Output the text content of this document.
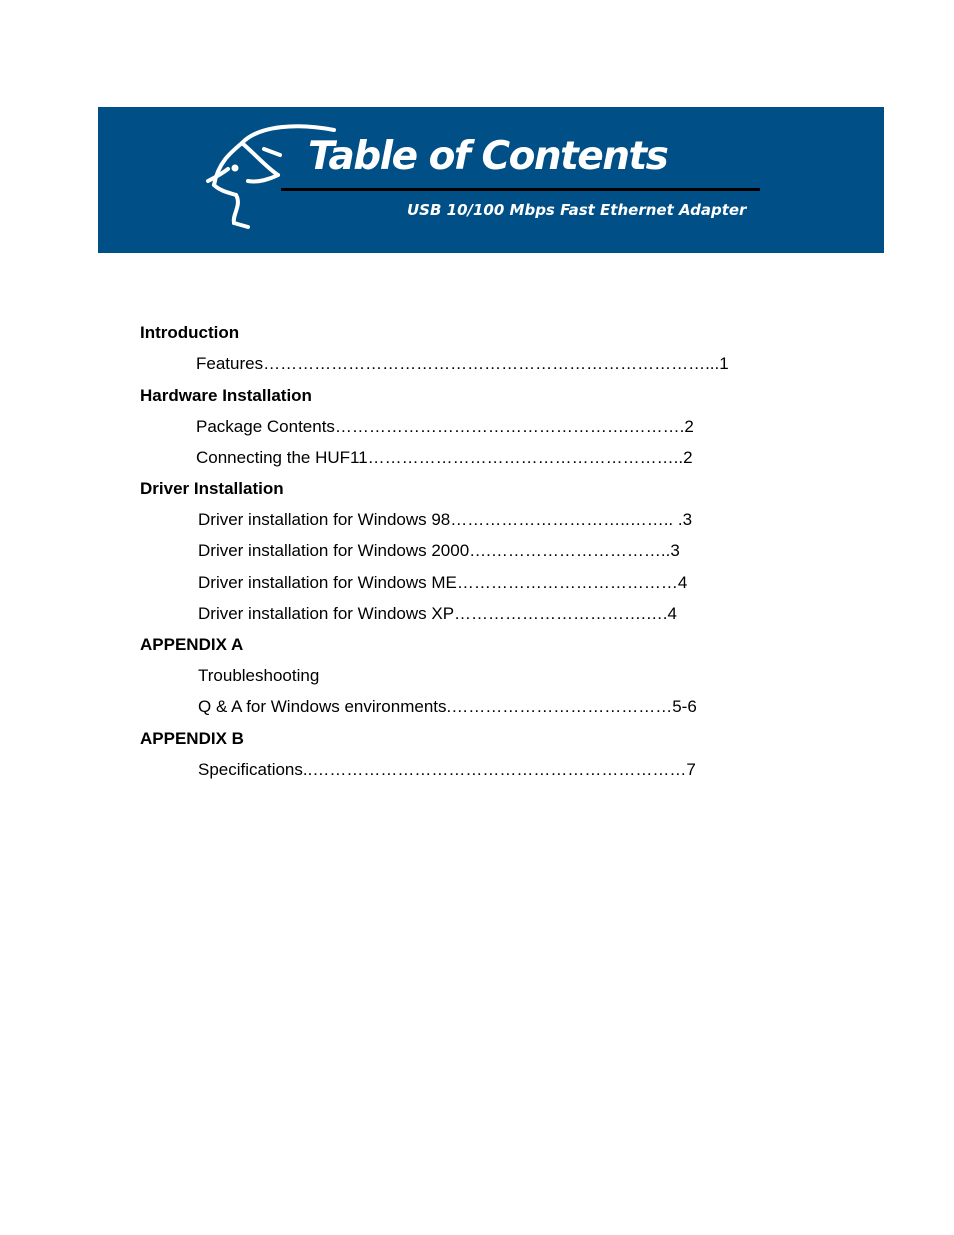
Table of Contents
USB 10/100 Mbps Fast Ethernet Adapter
Introduction
Features……………………………………………………………………...1
Hardware Installation
Package Contents…………………………………………….……….2
Connecting the HUF11………………………………………………..2
Driver Installation
Driver installation for Windows 98…………………………..…….. .3
Driver installation for Windows 2000….…………………………..3
Driver installation for Windows ME…………………………………4
Driver installation for Windows XP…………………………….….4
APPENDIX A
Troubleshooting
Q & A for Windows environments.…………………………………5-6
APPENDIX B
Specifications..…………………………………………………………7
